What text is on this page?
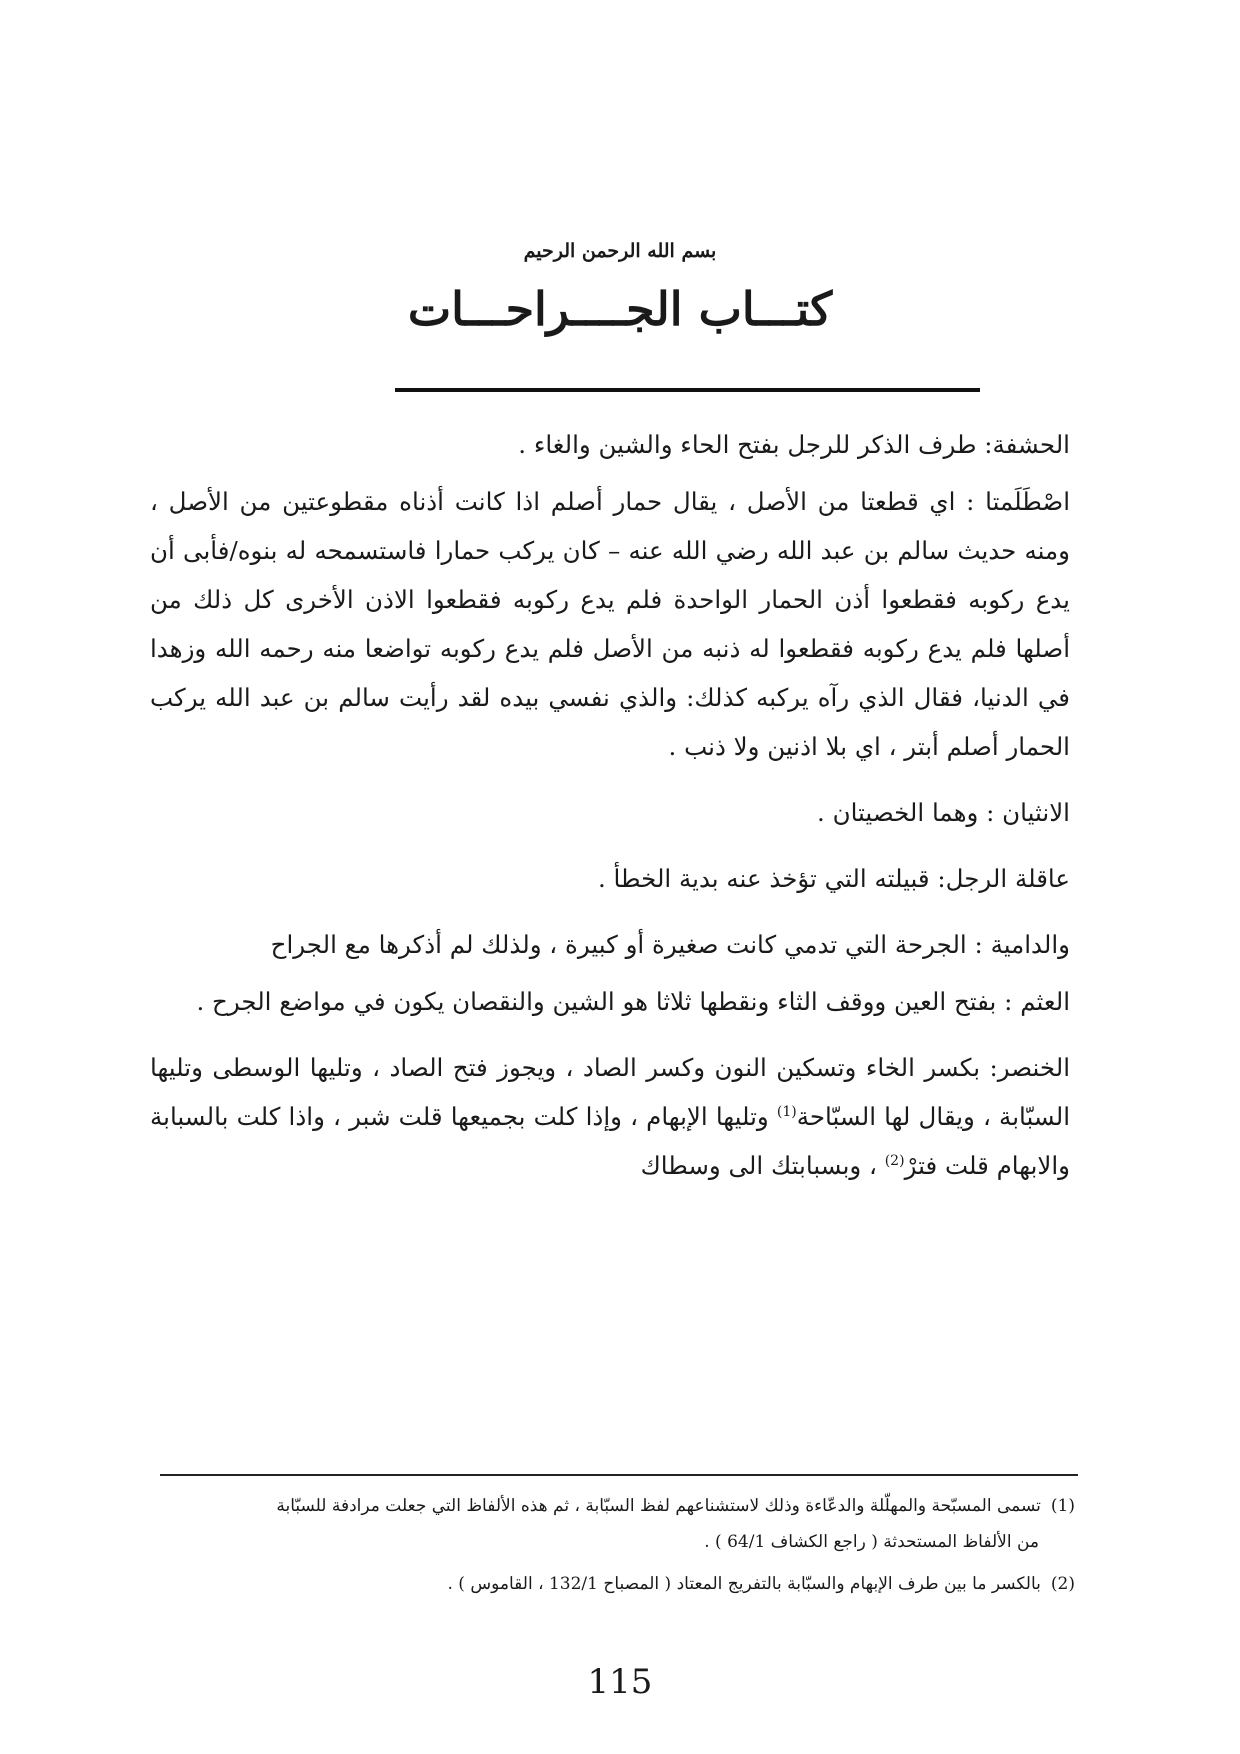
بسم الله الرحمن الرحيم
كتـــاب الجــــراحـــات

الحشفة: طرف الذكر للرجل بفتح الحاء والشين والغاء .

اصْطَلَمتا : اي قطعتا من الأصل ، يقال حمار أصلم اذا كانت أذناه مقطوعتين من الأصل ، ومنه حديث سالم بن عبد الله رضي الله عنه – كان يركب حمارا فاستسمحه له بنوه/فأبى أن يدع ركوبه فقطعوا أذن الحمار الواحدة فلم يدع ركوبه فقطعوا الاذن الأخرى كل ذلك من أصلها فلم يدع ركوبه فقطعوا له ذنبه من الأصل فلم يدع ركوبه تواضعا منه رحمه الله وزهدا في الدنيا، فقال الذي رآه يركبه كذلك: والذي نفسي بيده لقد رأيت سالم بن عبد الله يركب الحمار أصلم أبتر ، اي بلا اذنين ولا ذنب .

الانثيان : وهما الخصيتان .

عاقلة الرجل: قبيلته التي تؤخذ عنه بدية الخطأ .

والدامية : الجرحة التي تدمي كانت صغيرة أو كبيرة ، ولذلك لم أذكرها مع الجراح

العثم : بفتح العين ووقف الثاء ونقطها ثلاثا هو الشين والنقصان يكون في مواضع الجرح .

الخنصر: بكسر الخاء وتسكين النون وكسر الصاد ، ويجوز فتح الصاد ، وتليها الوسطى وتليها السبّابة ، ويقال لها السبّاحة$^{(1)}$ وتليها الإبهام ، وإذا كلت بجميعها قلت شبر ، واذا كلت بالسبابة والابهام قلت فترْ$^{(2)}$ ، وبسبابتك الى وسطاك

(1)تسمى المسبّحة والمهلّلة والدعّاءة وذلك لاستشناعهم لفظ السبّابة ، ثم هذه الألفاظ التي جعلت مرادفة للسبّابة
من الألفاظ المستحدثة ( راجع الكشاف 64/1 ) .
(2)بالكسر ما بين طرف الإبهام والسبّابة بالتفريج المعتاد ( المصباح 132/1 ، القاموس ) .
115
